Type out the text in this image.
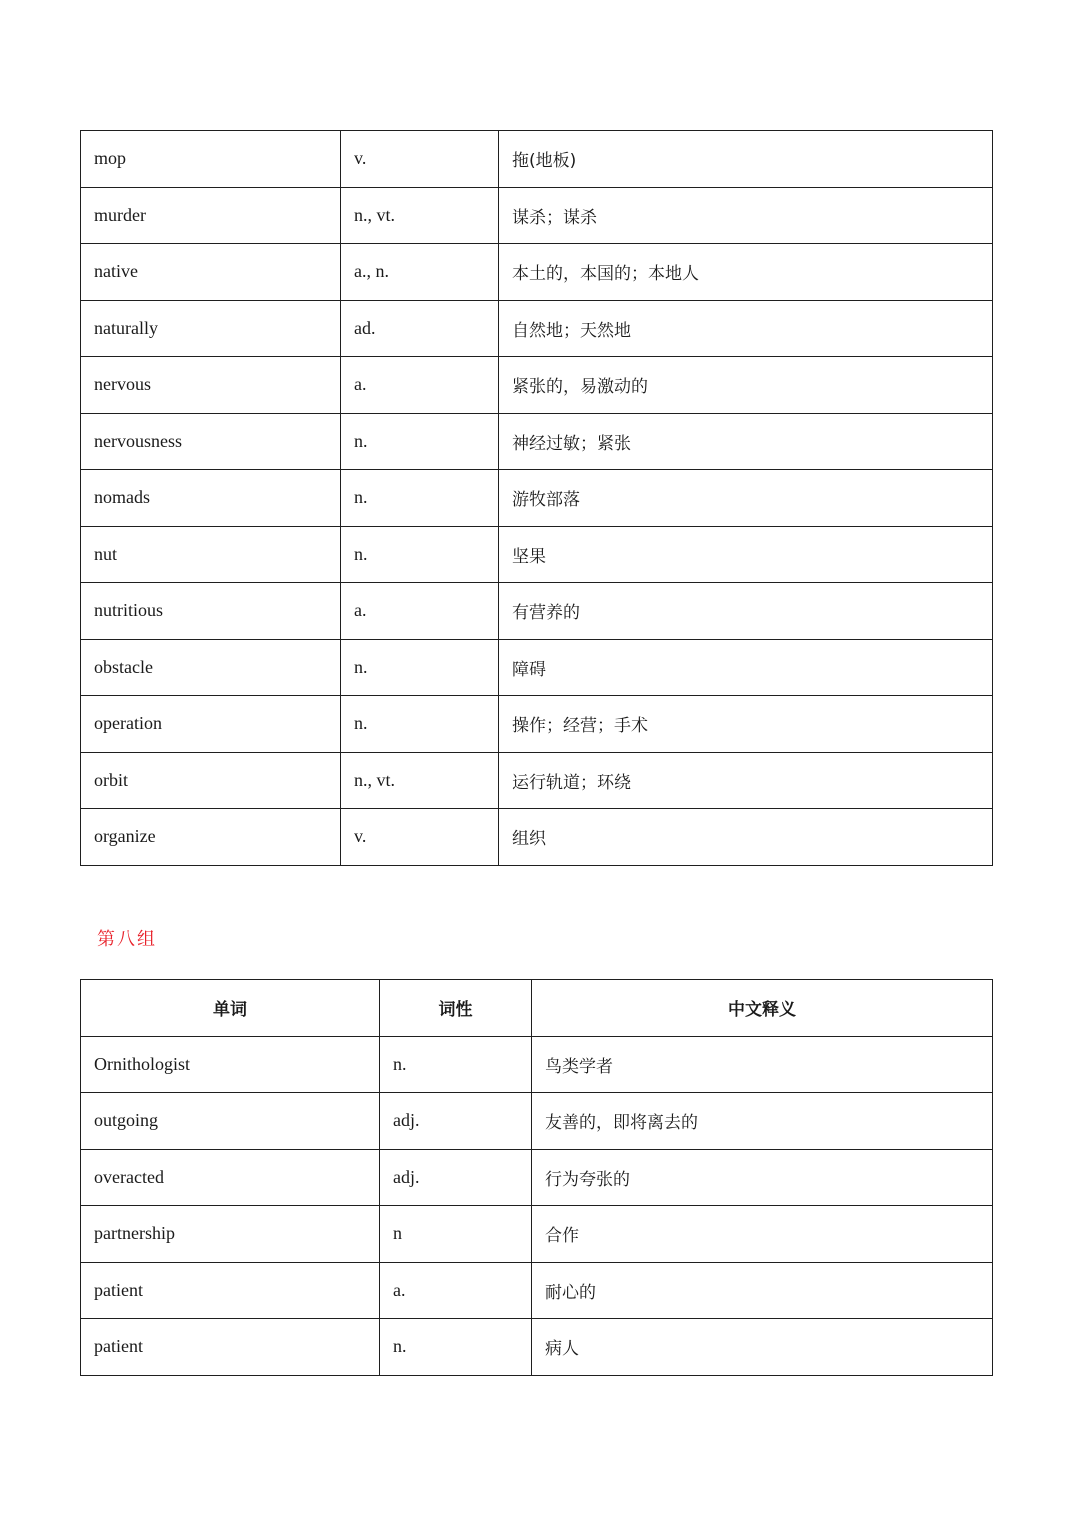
mop	v.	拖(地板)
murder	n., vt.	谋杀；谋杀
native	a., n.	本土的，本国的；本地人
naturally	ad.	自然地；天然地
nervous	a.	紧张的，易激动的
nervousness	n.	神经过敏；紧张
nomads	n.	游牧部落
nut	n.	坚果
nutritious	a.	有营养的
obstacle	n.	障碍
operation	n.	操作；经营；手术
orbit	n., vt.	运行轨道；环绕
organize	v.	组织
第八组
单词	词性	中文释义
Ornithologist	n.	鸟类学者
outgoing	adj.	友善的，即将离去的
overacted	adj.	行为夸张的
partnership	n	合作
patient	a.	耐心的
patient	n.	病人
